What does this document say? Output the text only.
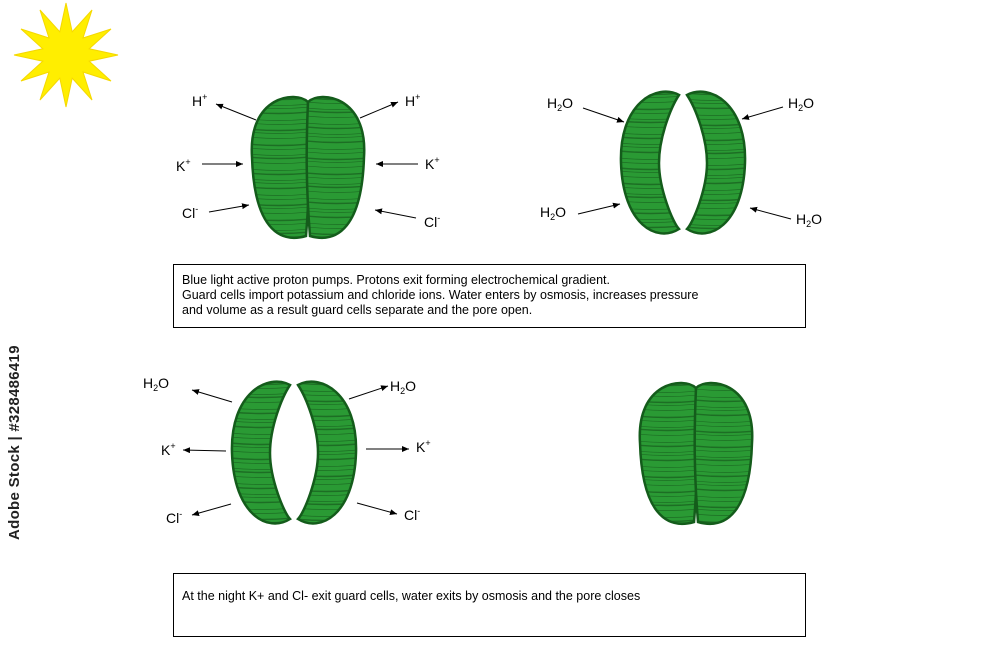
H+	H+
K+	K+
Cl-
Cl-
$H_2O$	$H_2O$
$H_2O$	$H_2O$
$H_2O$	$H_2O$
K+	K+
Cl-	Cl-
Blue light active proton pumps. Protons exit forming electrochemical gradient.
Guard cells import potassium and chloride ions. Water enters by osmosis, increases pressure
and volume as a result guard cells separate and the pore open.
At the night K+ and Cl- exit guard cells, water exits by osmosis and the pore closes
Adobe Stock | #328486419
